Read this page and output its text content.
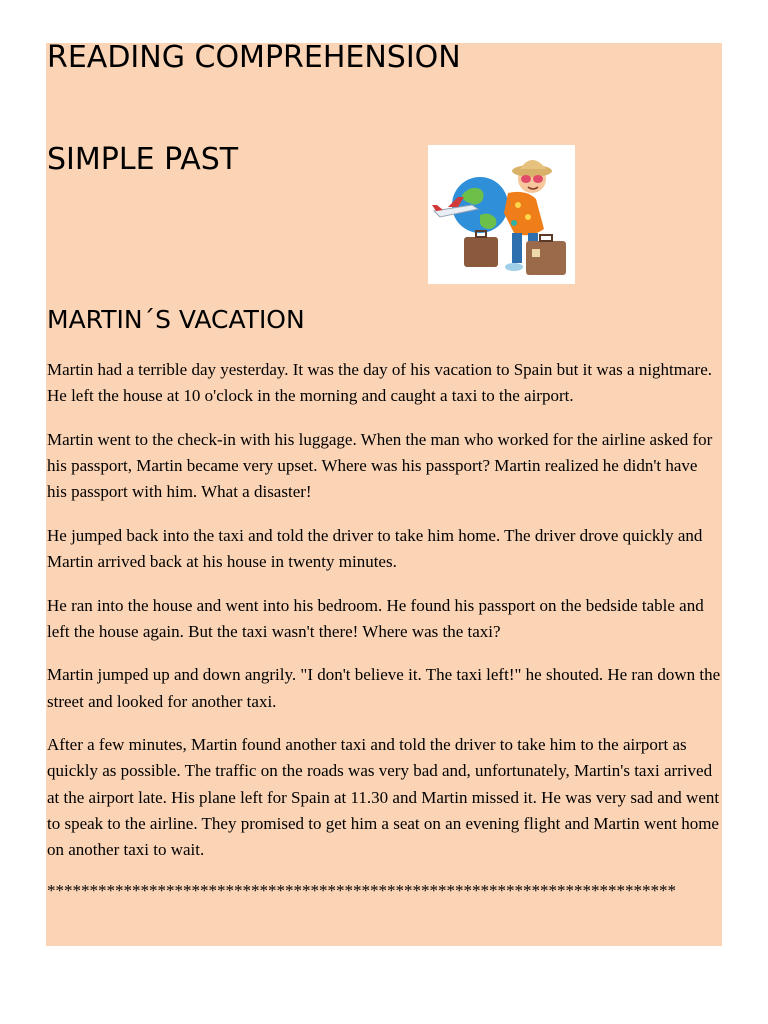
READING COMPREHENSION
SIMPLE PAST
MARTIN´S VACATION

Martin had a terrible day yesterday. It was the day of his vacation to Spain but it was a nightmare. He left the house at 10 o'clock in the morning and caught a taxi to the airport.

Martin went to the check-in with his luggage. When the man who worked for the airline asked for his passport, Martin became very upset. Where was his passport? Martin realized he didn't have his passport with him. What a disaster!

He jumped back into the taxi and told the driver to take him home. The driver drove quickly and Martin arrived back at his house in twenty minutes.

He ran into the house and went into his bedroom. He found his passport on the bedside table and left the house again. But the taxi wasn't there! Where was the taxi?

Martin jumped up and down angrily. "I don't believe it. The taxi left!" he shouted. He ran down the street and looked for another taxi.

After a few minutes, Martin found another taxi and told the driver to take him to the airport as quickly as possible. The traffic on the roads was very bad and, unfortunately, Martin's taxi arrived at the airport late. His plane left for Spain at 11.30 and Martin missed it. He was very sad and went to speak to the airline. They promised to get him a seat on an evening flight and Martin went home on another taxi to wait.

**************************************************************************
